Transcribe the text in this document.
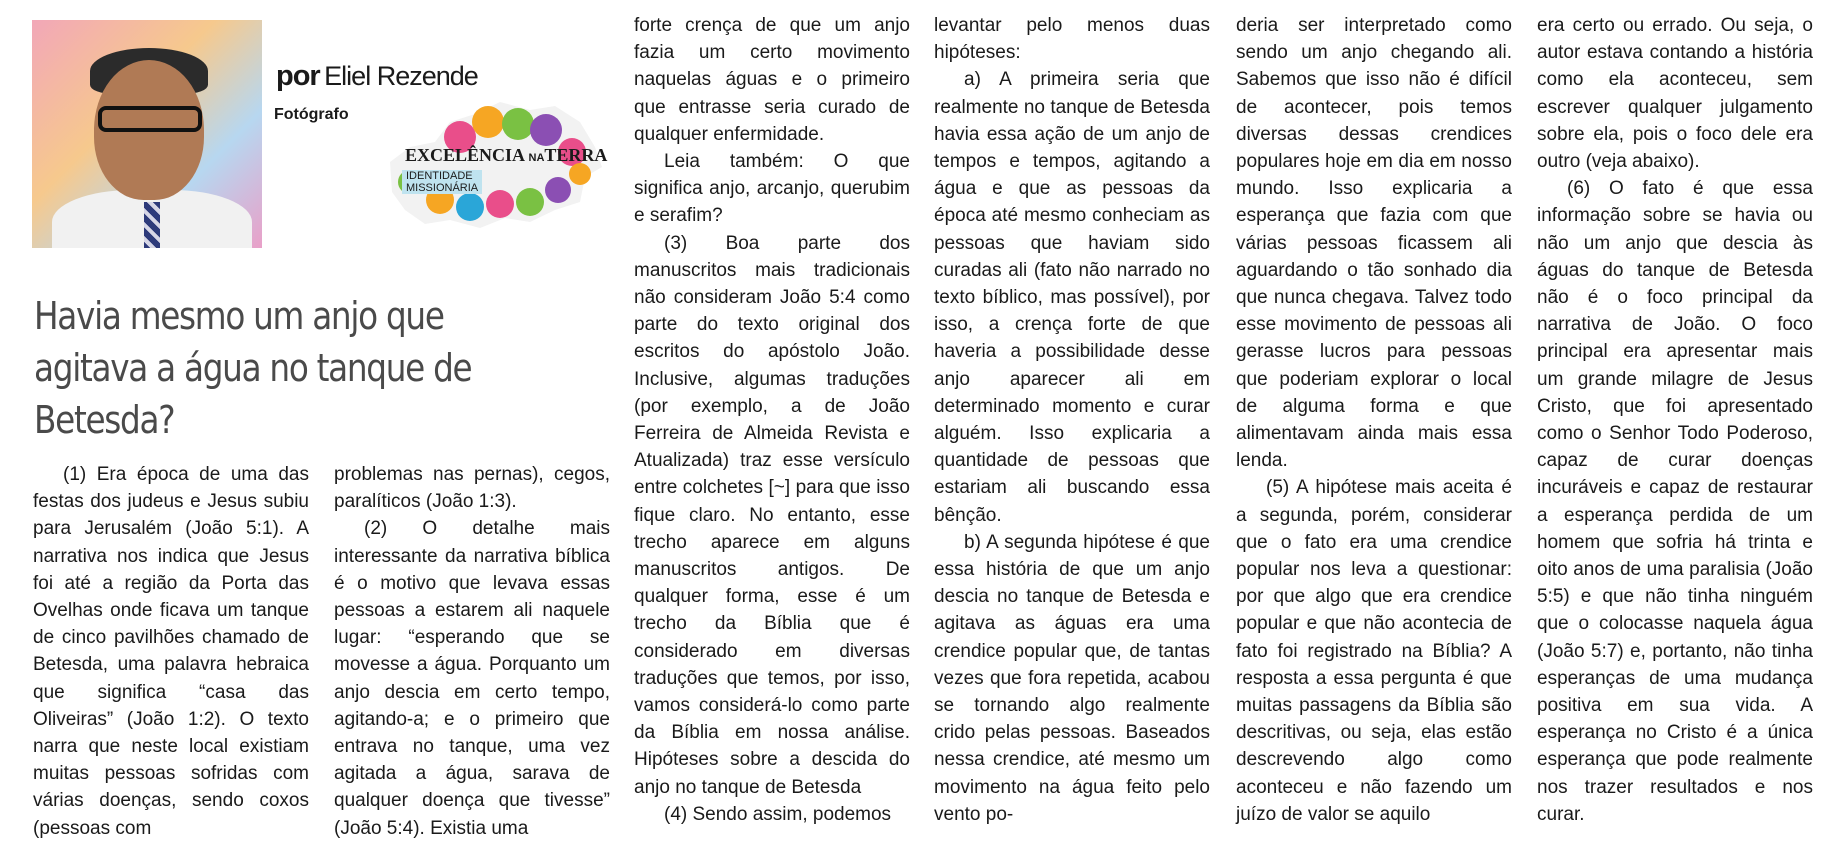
por Eliel Rezende
Fotógrafo
EXCELÊNCIA NATERRA
IDENTIDADE
MISSIONÁRIA
Havia mesmo um anjo que agitava a água no tanque de Betesda?

(1) Era época de uma das festas dos judeus e Jesus subiu para Jerusalém (João 5:1). A narrativa nos indica que Jesus foi até a região da Porta das Ovelhas onde ficava um tanque de cinco pavilhões chamado de Betesda, uma palavra hebraica que significa “casa das Oliveiras” (João 1:2). O texto narra que neste local existiam muitas pessoas sofridas com várias doenças, sendo coxos (pessoas com

problemas nas pernas), cegos, paralíticos (João 1:3).

(2) O detalhe mais interessante da narrativa bíblica é o motivo que levava essas pessoas a estarem ali naquele lugar: “esperando que se movesse a água. Porquanto um anjo descia em certo tempo, agitando-a; e o primeiro que entrava no tanque, uma vez agitada a água, sarava de qualquer doença que tivesse” (João 5:4). Existia uma

forte crença de que um anjo fazia um certo movimento naquelas águas e o primeiro que entrasse seria curado de qualquer enfermidade.

Leia também: O que significa anjo, arcanjo, querubim e serafim?

(3) Boa parte dos manuscritos mais tradicionais não consideram João 5:4 como parte do texto original dos escritos do apóstolo João. Inclusive, algumas traduções (por exemplo, a de João Ferreira de Almeida Revista e Atualizada) traz esse versículo entre colchetes [~] para que isso fique claro. No entanto, esse trecho aparece em alguns manuscritos antigos. De qualquer forma, esse é um trecho da Bíblia que é considerado em diversas traduções que temos, por isso, vamos considerá-lo como parte da Bíblia em nossa análise. Hipóteses sobre a descida do anjo no tanque de Betesda

(4) Sendo assim, podemos

levantar pelo menos duas hipóteses:

a) A primeira seria que realmente no tanque de Betesda havia essa ação de um anjo de tempos e tempos, agitando a água e que as pessoas da época até mesmo conheciam as pessoas que haviam sido curadas ali (fato não narrado no texto bíblico, mas possível), por isso, a crença forte de que haveria a possibilidade desse anjo aparecer ali em determinado momento e curar alguém. Isso explicaria a quantidade de pessoas que estariam ali buscando essa bênção.

b) A segunda hipótese é que essa história de que um anjo descia no tanque de Betesda e agitava as águas era uma crendice popular que, de tantas vezes que fora repetida, acabou se tornando algo realmente crido pelas pessoas. Baseados nessa crendice, até mesmo um movimento na água feito pelo vento po-

deria ser interpretado como sendo um anjo chegando ali. Sabemos que isso não é difícil de acontecer, pois temos diversas dessas crendices populares hoje em dia em nosso mundo. Isso explicaria a esperança que fazia com que várias pessoas ficassem ali aguardando o tão sonhado dia que nunca chegava. Talvez todo esse movimento de pessoas ali gerasse lucros para pessoas que poderiam explorar o local de alguma forma e que alimentavam ainda mais essa lenda.

(5) A hipótese mais aceita é a segunda, porém, considerar que o fato era uma crendice popular nos leva a questionar: por que algo que era crendice popular e que não acontecia de fato foi registrado na Bíblia? A resposta a essa pergunta é que muitas passagens da Bíblia são descritivas, ou seja, elas estão descrevendo algo como aconteceu e não fazendo um juízo de valor se aquilo

era certo ou errado. Ou seja, o autor estava contando a história como ela aconteceu, sem escrever qualquer julgamento sobre ela, pois o foco dele era outro (veja abaixo).

(6) O fato é que essa informação sobre se havia ou não um anjo que descia às águas do tanque de Betesda não é o foco principal da narrativa de João. O foco principal era apresentar mais um grande milagre de Jesus Cristo, que foi apresentado como o Senhor Todo Poderoso, capaz de curar doenças incuráveis e capaz de restaurar a esperança perdida de um homem que sofria há trinta e oito anos de uma paralisia (João 5:5) e que não tinha ninguém que o colocasse naquela água (João 5:7) e, portanto, não tinha esperanças de uma mudança positiva em sua vida. A esperança no Cristo é a única esperança que pode realmente nos trazer resultados e nos curar.
